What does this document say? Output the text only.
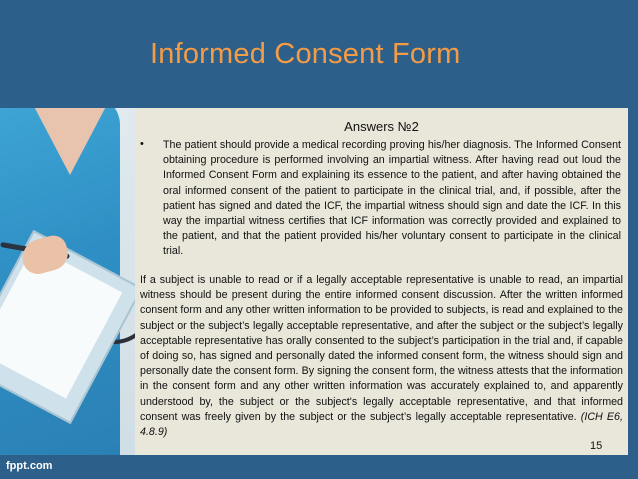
Informed Consent Form
Answers №2
• The patient should provide a medical recording proving his/her diagnosis. The Informed Consent obtaining procedure is performed involving an impartial witness. After having read out loud the Informed Consent Form and explaining its essence to the patient, and after having obtained the oral informed consent of the patient to participate in the clinical trial, and, if possible, after the patient has signed and dated the ICF, the impartial witness should sign and date the ICF. In this way the impartial witness certifies that ICF information was correctly provided and explained to the patient, and that the patient provided his/her voluntary consent to participate in the clinical trial.

If a subject is unable to read or if a legally acceptable representative is unable to read, an impartial witness should be present during the entire informed consent discussion. After the written informed consent form and any other written information to be provided to subjects, is read and explained to the subject or the subject’s legally acceptable representative, and after the subject or the subject’s legally acceptable representative has orally consented to the subject’s participation in the trial and, if capable of doing so, has signed and personally dated the informed consent form, the witness should sign and personally date the consent form. By signing the consent form, the witness attests that the information in the consent form and any other written information was accurately explained to, and apparently understood by, the subject or the subject's legally acceptable representative, and that informed consent was freely given by the subject or the subject’s legally acceptable representative. (ICH E6, 4.8.9)

fppt.com
15
